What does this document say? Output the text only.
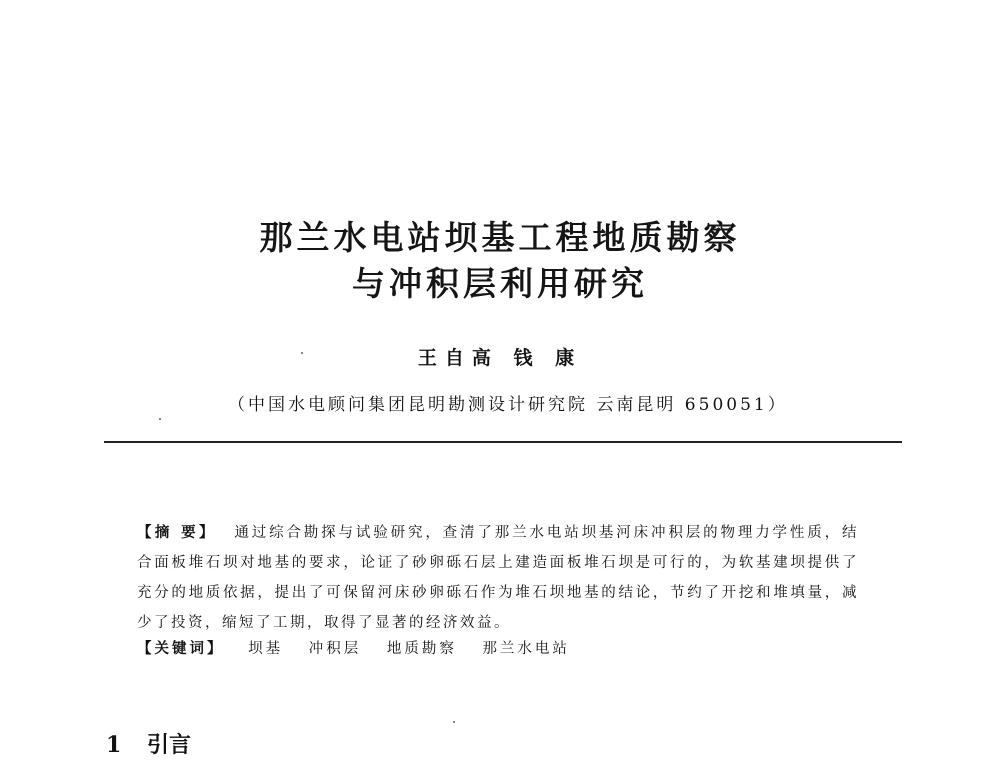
那兰水电站坝基工程地质勘察
与冲积层利用研究
王自高 钱 康
（中国水电顾问集团昆明勘测设计研究院 云南昆明 650051）
【摘 要】 通过综合勘探与试验研究，查清了那兰水电站坝基河床冲积层的物理力学性质，结合面板堆石坝对地基的要求，论证了砂卵砾石层上建造面板堆石坝是可行的，为软基建坝提供了充分的地质依据，提出了可保留河床砂卵砾石作为堆石坝地基的结论，节约了开挖和堆填量，减少了投资，缩短了工期，取得了显著的经济效益。
【关键词】 坝基 冲积层 地质勘察 那兰水电站
1 引言
